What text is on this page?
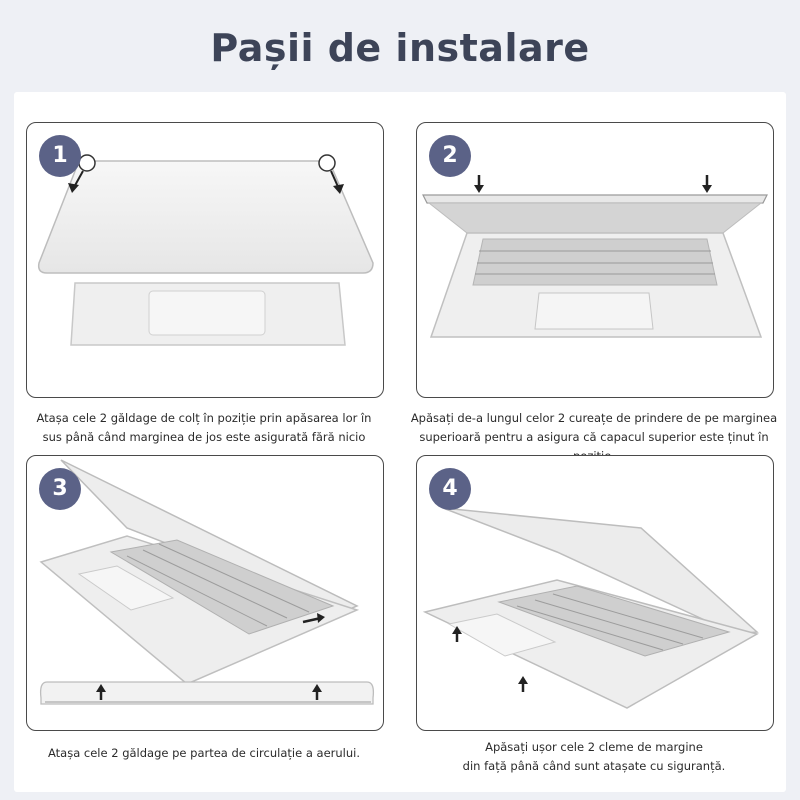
Pașii de instalare
1
Atașa cele 2 găldage de colț în poziție prin apăsarea lor în
sus până când marginea de jos este asigurată fără nicio
2
Apăsați de-a lungul celor 2 cureațe de prindere de pe marginea
superioară pentru a asigura că capacul superior este ținut în
3
Atașa cele 2 găldage pe partea de circulație a aerului.
4
Apăsați ușor cele 2 cleme de margine
din față până când sunt atașate cu siguranță.
